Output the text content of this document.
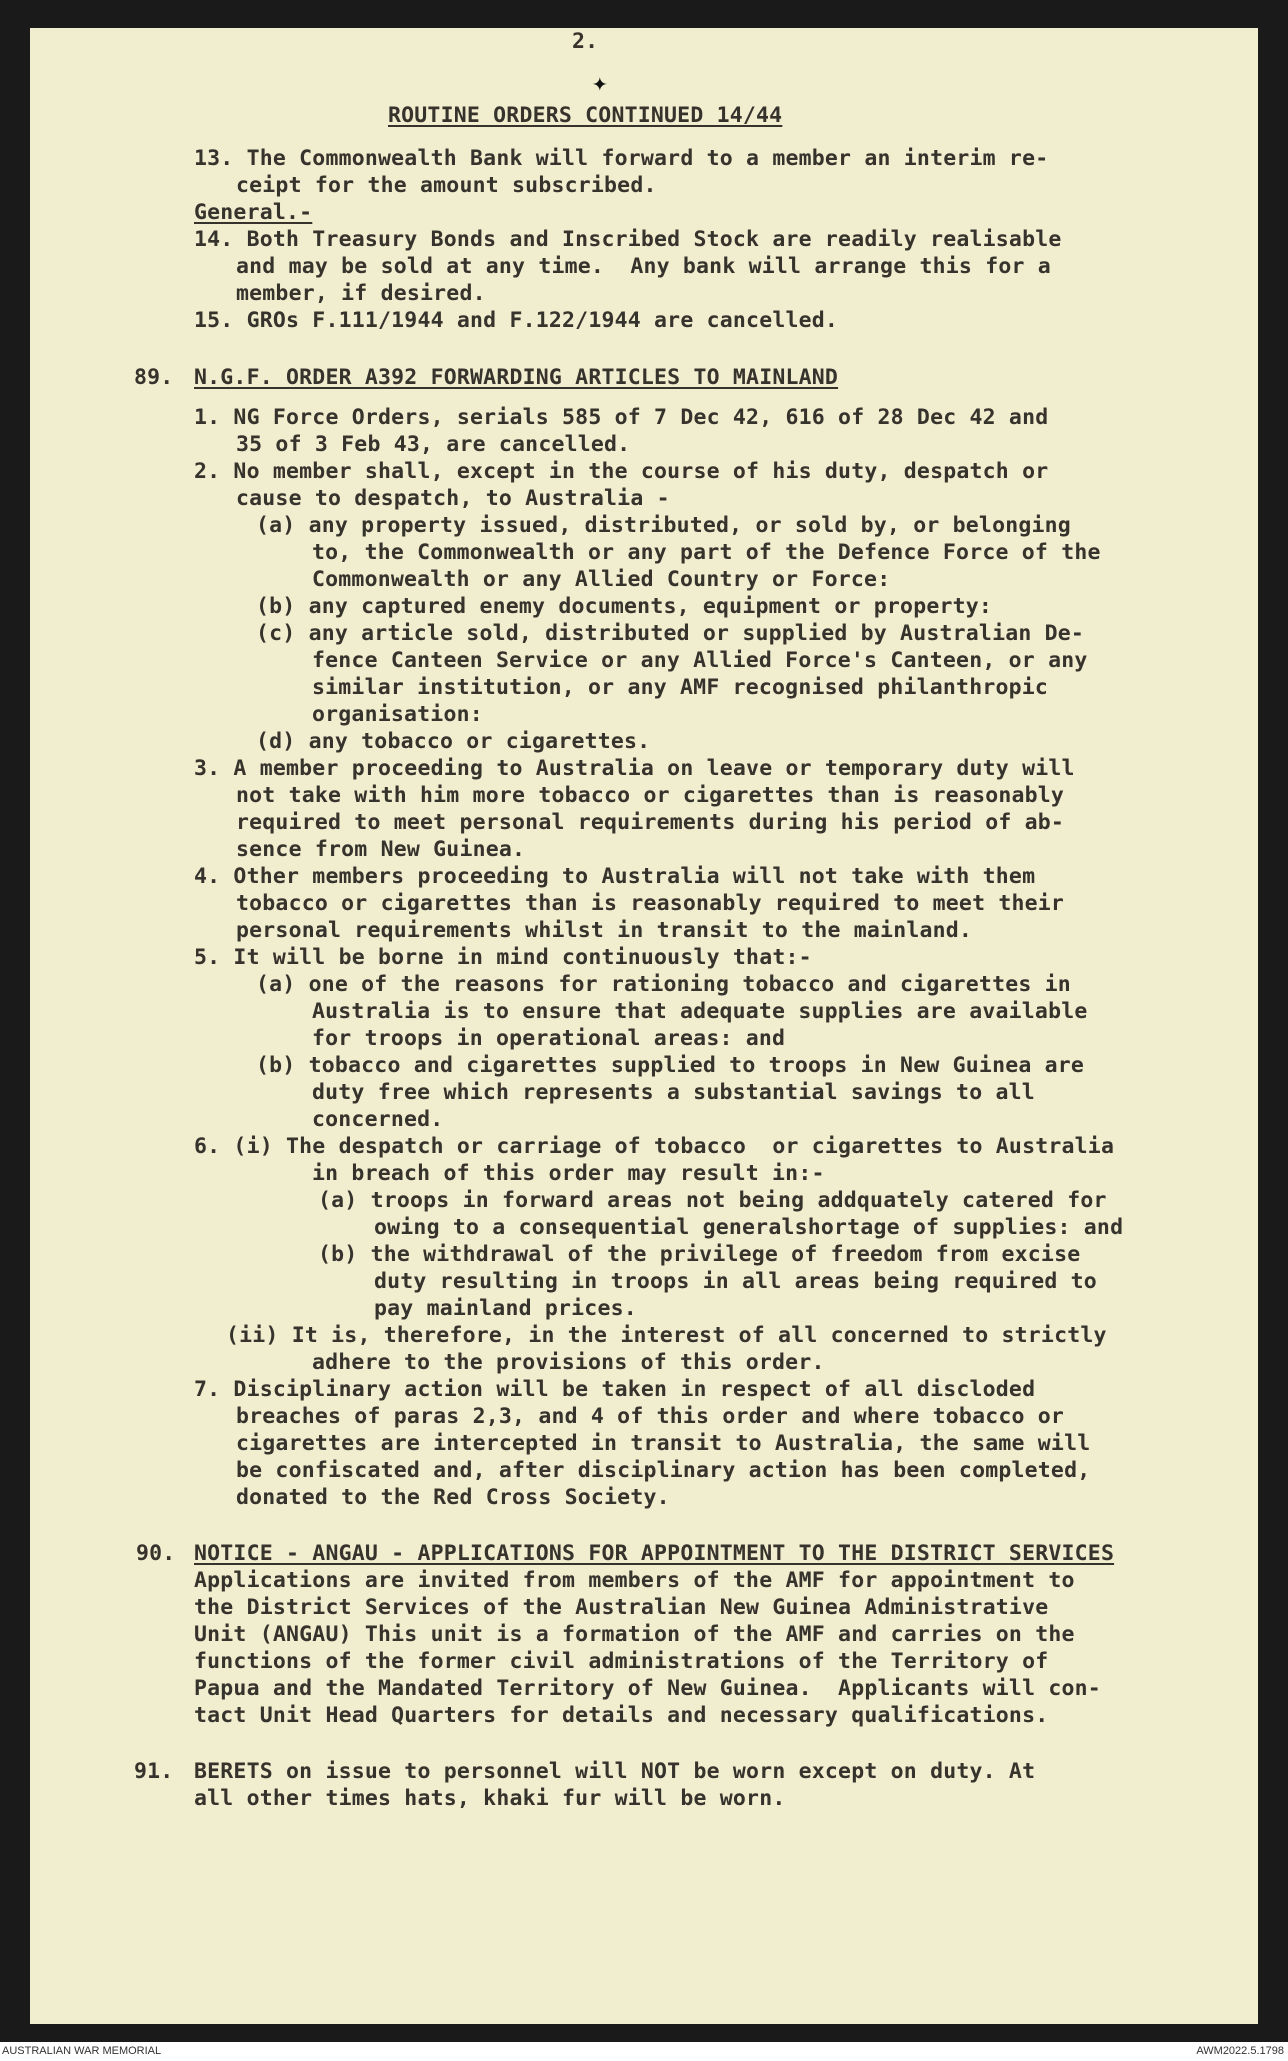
2.
✦
ROUTINE ORDERS CONTINUED 14/44
13. The Commonwealth Bank will forward to a member an interim re-
ceipt for the amount subscribed.
General.-
14. Both Treasury Bonds and Inscribed Stock are readily realisable
and may be sold at any time.  Any bank will arrange this for a
member, if desired.
15. GROs F.111/1944 and F.122/1944 are cancelled.
89. N.G.F. ORDER A392 FORWARDING ARTICLES TO MAINLAND
1. NG Force Orders, serials 585 of 7 Dec 42, 616 of 28 Dec 42 and
35 of 3 Feb 43, are cancelled.
2. No member shall, except in the course of his duty, despatch or
cause to despatch, to Australia -
(a) any property issued, distributed, or sold by, or belonging
to, the Commonwealth or any part of the Defence Force of the
Commonwealth or any Allied Country or Force:
(b) any captured enemy documents, equipment or property:
(c) any article sold, distributed or supplied by Australian De-
fence Canteen Service or any Allied Force's Canteen, or any
similar institution, or any AMF recognised philanthropic
organisation:
(d) any tobacco or cigarettes.
3. A member proceeding to Australia on leave or temporary duty will
not take with him more tobacco or cigarettes than is reasonably
required to meet personal requirements during his period of ab-
sence from New Guinea.
4. Other members proceeding to Australia will not take with them
tobacco or cigarettes than is reasonably required to meet their
personal requirements whilst in transit to the mainland.
5. It will be borne in mind continuously that:-
(a) one of the reasons for rationing tobacco and cigarettes in
Australia is to ensure that adequate supplies are available
for troops in operational areas: and
(b) tobacco and cigarettes supplied to troops in New Guinea are
duty free which represents a substantial savings to all
concerned.
6. (i) The despatch or carriage of tobacco  or cigarettes to Australia
in breach of this order may result in:-
(a) troops in forward areas not being addquately catered for
owing to a consequential generalshortage of supplies: and
(b) the withdrawal of the privilege of freedom from excise
duty resulting in troops in all areas being required to
pay mainland prices.
(ii) It is, therefore, in the interest of all concerned to strictly
adhere to the provisions of this order.
7. Disciplinary action will be taken in respect of all discloded
breaches of paras 2,3, and 4 of this order and where tobacco or
cigarettes are intercepted in transit to Australia, the same will
be confiscated and, after disciplinary action has been completed,
donated to the Red Cross Society.
90. NOTICE - ANGAU - APPLICATIONS FOR APPOINTMENT TO THE DISTRICT SERVICES
Applications are invited from members of the AMF for appointment to
the District Services of the Australian New Guinea Administrative
Unit (ANGAU) This unit is a formation of the AMF and carries on the
functions of the former civil administrations of the Territory of
Papua and the Mandated Territory of New Guinea.  Applicants will con-
tact Unit Head Quarters for details and necessary qualifications.
91. BERETS on issue to personnel will NOT be worn except on duty. At
all other times hats, khaki fur will be worn.
AUSTRALIAN WAR MEMORIAL	AWM2022.5.1798
